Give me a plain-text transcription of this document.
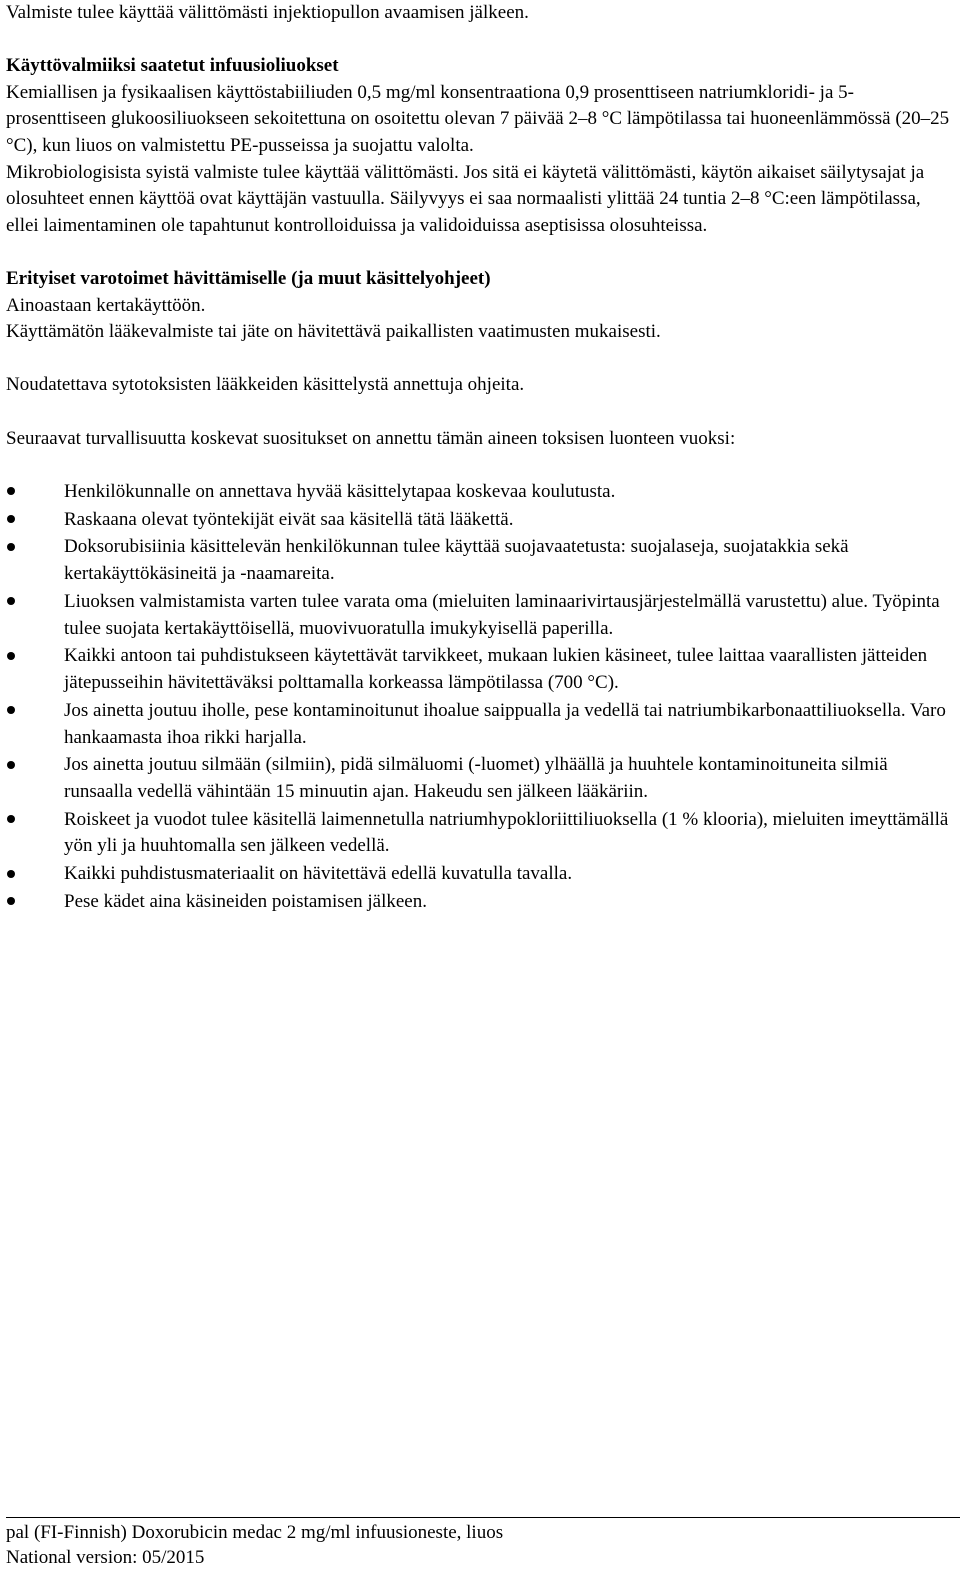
Valmiste tulee käyttää välittömästi injektiopullon avaamisen jälkeen.

Käyttövalmiiksi saatetut infuusioliuokset

Kemiallisen ja fysikaalisen käyttöstabiiliuden 0,5 mg/ml konsentraationa 0,9 prosenttiseen natriumkloridi- ja 5-prosenttiseen glukoosiliuokseen sekoitettuna on osoitettu olevan 7 päivää 2–8 °C lämpötilassa tai huoneenlämmössä (20–25 °C), kun liuos on valmistettu PE-pusseissa ja suojattu valolta.

Mikrobiologisista syistä valmiste tulee käyttää välittömästi. Jos sitä ei käytetä välittömästi, käytön aikaiset säilytysajat ja olosuhteet ennen käyttöä ovat käyttäjän vastuulla. Säilyvyys ei saa normaalisti ylittää 24 tuntia 2–8 °C:een lämpötilassa, ellei laimentaminen ole tapahtunut kontrolloiduissa ja validoiduissa aseptisissa olosuhteissa.

Erityiset varotoimet hävittämiselle (ja muut käsittelyohjeet)

Ainoastaan kertakäyttöön.

Käyttämätön lääkevalmiste tai jäte on hävitettävä paikallisten vaatimusten mukaisesti.

Noudatettava sytotoksisten lääkkeiden käsittelystä annettuja ohjeita.

Seuraavat turvallisuutta koskevat suositukset on annettu tämän aineen toksisen luonteen vuoksi:

Henkilökunnalle on annettava hyvää käsittelytapaa koskevaa koulutusta.
Raskaana olevat työntekijät eivät saa käsitellä tätä lääkettä.
Doksorubisiinia käsittelevän henkilökunnan tulee käyttää suojavaatetusta: suojalaseja, suojatakkia sekä kertakäyttökäsineitä ja -naamareita.
Liuoksen valmistamista varten tulee varata oma (mieluiten laminaarivirtausjärjestelmällä varustettu) alue. Työpinta tulee suojata kertakäyttöisellä, muovivuoratulla imukykyisellä paperilla.
Kaikki antoon tai puhdistukseen käytettävät tarvikkeet, mukaan lukien käsineet, tulee laittaa vaarallisten jätteiden jätepusseihin hävitettäväksi polttamalla korkeassa lämpötilassa (700 °C).
Jos ainetta joutuu iholle, pese kontaminoitunut ihoalue saippualla ja vedellä tai natriumbikarbonaattiliuoksella. Varo hankaamasta ihoa rikki harjalla.
Jos ainetta joutuu silmään (silmiin), pidä silmäluomi (-luomet) ylhäällä ja huuhtele kontaminoituneita silmiä runsaalla vedellä vähintään 15 minuutin ajan. Hakeudu sen jälkeen lääkäriin.
Roiskeet ja vuodot tulee käsitellä laimennetulla natriumhypokloriittiliuoksella (1 % klooria), mieluiten imeyttämällä yön yli ja huuhtomalla sen jälkeen vedellä.
Kaikki puhdistusmateriaalit on hävitettävä edellä kuvatulla tavalla.
Pese kädet aina käsineiden poistamisen jälkeen.
pal (FI-Finnish) Doxorubicin medac 2 mg/ml infuusioneste, liuos
National version: 05/2015
